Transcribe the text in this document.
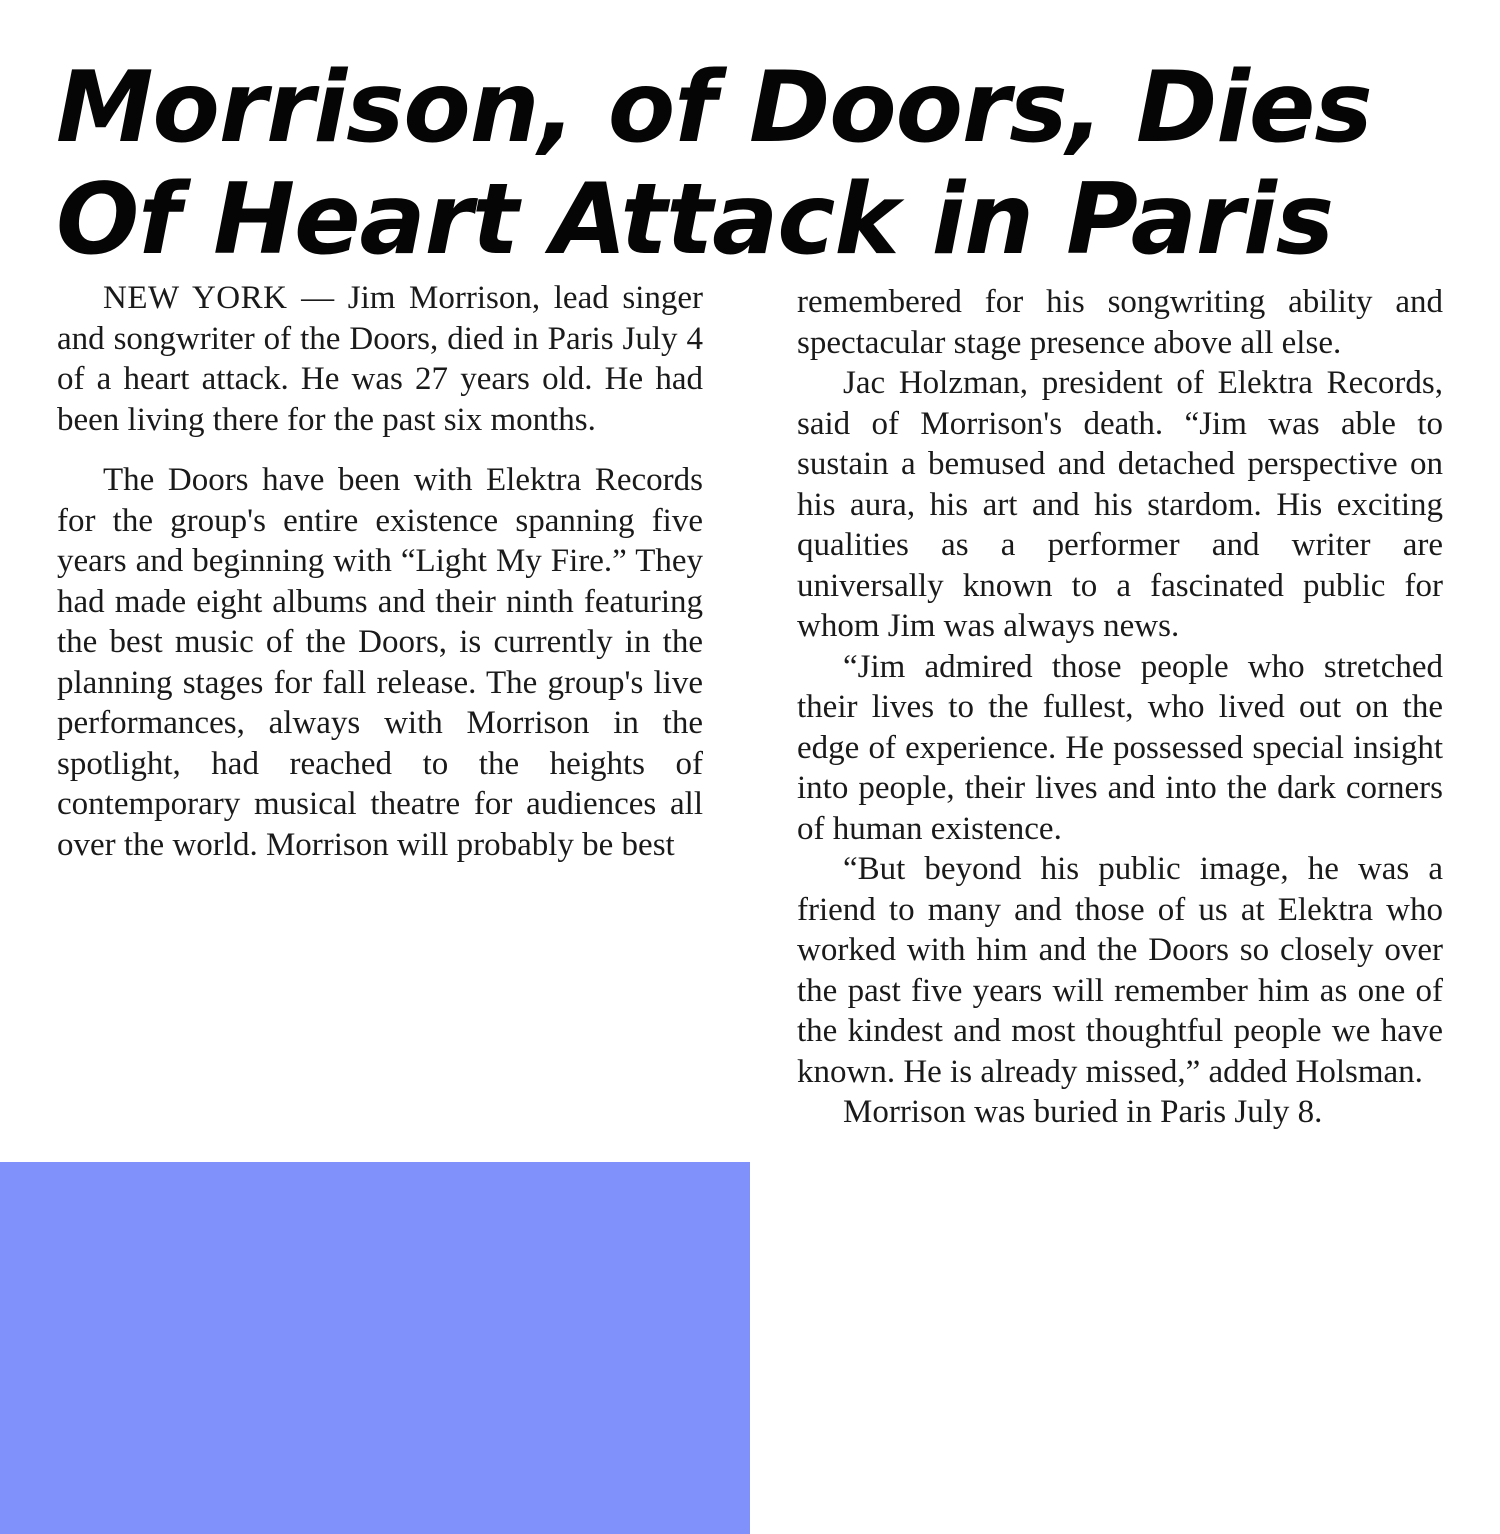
Morrison, of Doors, Dies
Of Heart Attack in Paris

NEW YORK — Jim Morrison, lead singer and songwriter of the Doors, died in Paris July 4 of a heart attack. He was 27 years old. He had been living there for the past six months.

The Doors have been with Elektra Records for the group's entire existence spanning five years and beginning with “Light My Fire.” They had made eight albums and their ninth featuring the best music of the Doors, is currently in the planning stages for fall release. The group's live performances, always with Morrison in the spotlight, had reached to the heights of contemporary musical theatre for audiences all over the world. Morrison will probably be best

remembered for his songwriting ability and spectacular stage presence above all else.

Jac Holzman, president of Elektra Records, said of Morrison's death. “Jim was able to sustain a bemused and detached perspective on his aura, his art and his stardom. His exciting qualities as a performer and writer are universally known to a fascinated public for whom Jim was always news.

“Jim admired those people who stretched their lives to the fullest, who lived out on the edge of experience. He possessed special insight into people, their lives and into the dark corners of human existence.

“But beyond his public image, he was a friend to many and those of us at Elektra who worked with him and the Doors so closely over the past five years will remember him as one of the kindest and most thoughtful people we have known. He is already missed,” added Holsman.

Morrison was buried in Paris July 8.
